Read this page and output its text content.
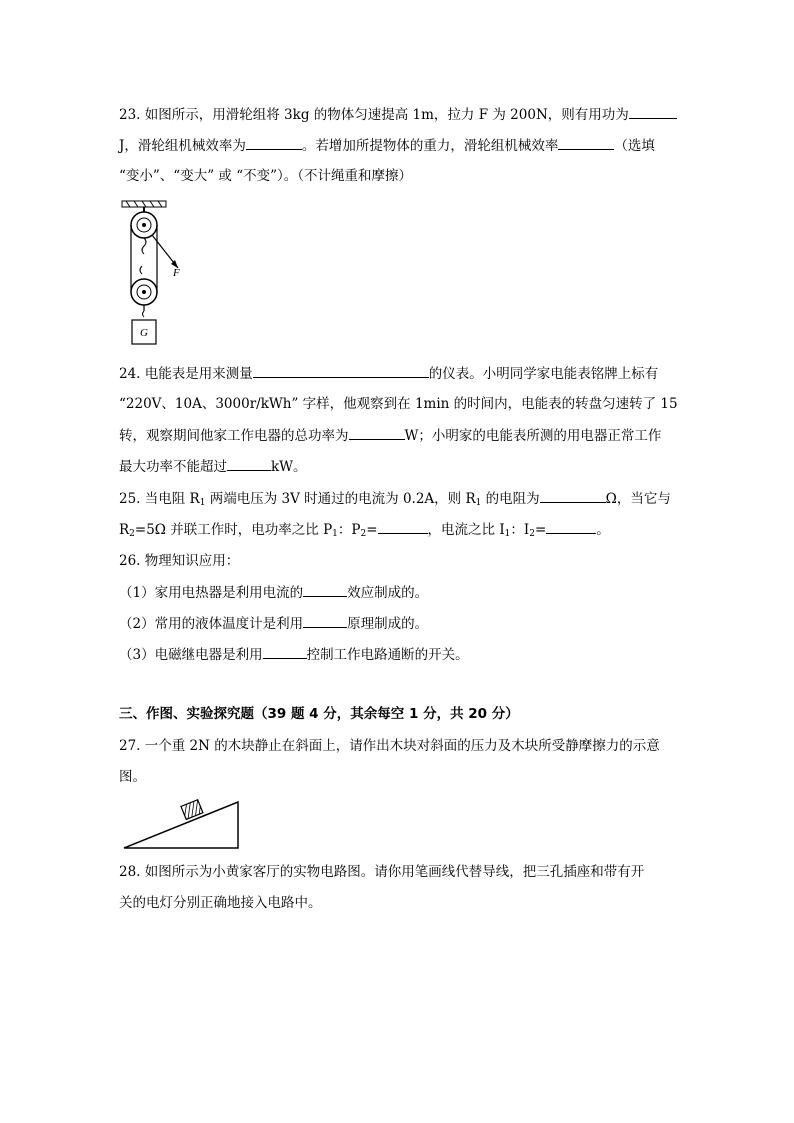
23. 如图所示，用滑轮组将 3kg 的物体匀速提高 1m，拉力 F 为 200N，则有用功为
J，滑轮组机械效率为	。若增加所提物体的重力，滑轮组机械效率	（选填
“变小”、“变大” 或 “不变”）。（不计绳重和摩擦）
F
G
24. 电能表是用来测量	的仪表。小明同学家电能表铭牌上标有
“220V、10A、3000r/kWh” 字样，他观察到在 1min 的时间内，电能表的转盘匀速转了 15
转，观察期间他家工作电器的总功率为	W；小明家的电能表所测的用电器正常工作
最大功率不能超过	kW。
25. 当电阻 $R_1$ 两端电压为 3V 时通过的电流为 0.2A，则 $R_1$ 的电阻为	Ω，当它与
$R_2=5\Omega$ 并联工作时，电功率之比 $P_1$：$P_2=$	，电流之比 $I_1$：$I_2=$	。
26. 物理知识应用：
（1）家用电热器是利用电流的	效应制成的。
（2）常用的液体温度计是利用	原理制成的。
（3）电磁继电器是利用	控制工作电路通断的开关。
三、作图、实验探究题（39 题 4 分，其余每空 1 分，共 20 分）
27. 一个重 2N 的木块静止在斜面上，请作出木块对斜面的压力及木块所受静摩擦力的示意
图。
28. 如图所示为小黄家客厅的实物电路图。请你用笔画线代替导线，把三孔插座和带有开
关的电灯分别正确地接入电路中。
